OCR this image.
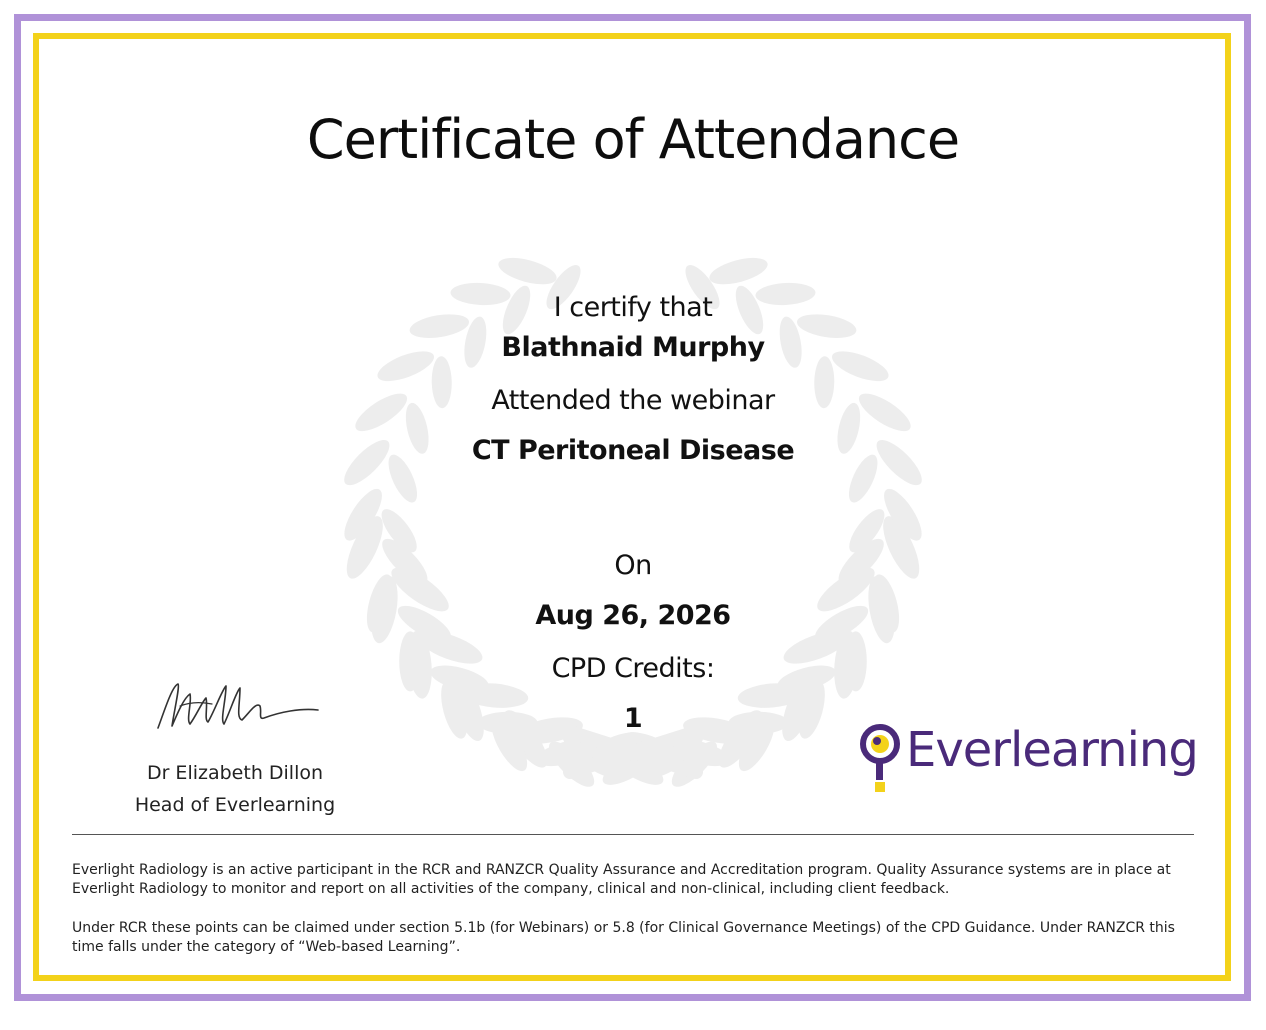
Certificate of Attendance
I certify that
Blathnaid Murphy
Attended the webinar
CT Peritoneal Disease
On
Aug 26, 2026
CPD Credits:
1
Dr Elizabeth Dillon
Head of Everlearning
Everlearning
Everlight Radiology is an active participant in the RCR and RANZCR Quality Assurance and Accreditation program. Quality Assurance systems are in place at
Everlight Radiology to monitor and report on all activities of the company, clinical and non-clinical, including client feedback.
Under RCR these points can be claimed under section 5.1b (for Webinars) or 5.8 (for Clinical Governance Meetings) of the CPD Guidance. Under RANZCR this
time falls under the category of “Web-based Learning”.
